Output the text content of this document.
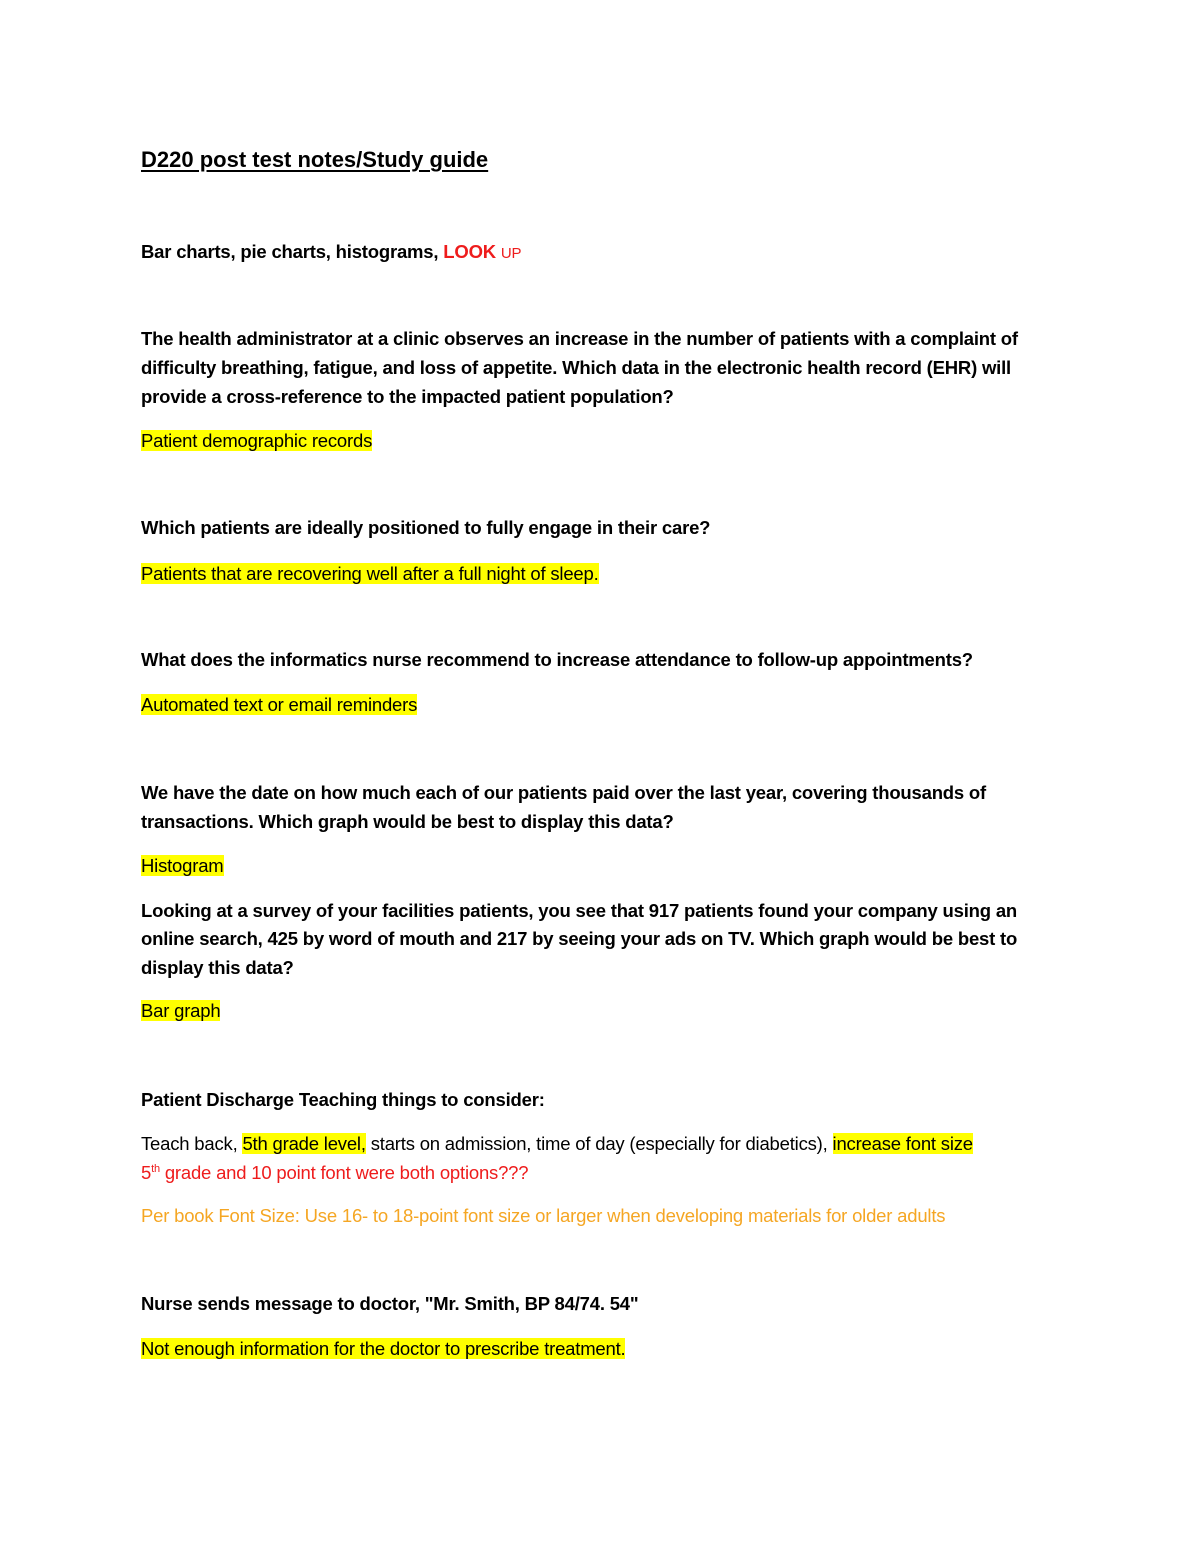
D220 post test notes/Study guide
Bar charts, pie charts, histograms, LOOK UP
The health administrator at a clinic observes an increase in the number of patients with a complaint of
difficulty breathing, fatigue, and loss of appetite. Which data in the electronic health record (EHR) will
provide a cross-reference to the impacted patient population?
Patient demographic records
Which patients are ideally positioned to fully engage in their care?
Patients that are recovering well after a full night of sleep.
What does the informatics nurse recommend to increase attendance to follow-up appointments?
Automated text or email reminders
We have the date on how much each of our patients paid over the last year, covering thousands of
transactions. Which graph would be best to display this data?
Histogram
Looking at a survey of your facilities patients, you see that 917 patients found your company using an
online search, 425 by word of mouth and 217 by seeing your ads on TV. Which graph would be best to
display this data?
Bar graph
Patient Discharge Teaching things to consider:
Teach back, 5th grade level, starts on admission, time of day (especially for diabetics), increase font size
5th grade and 10 point font were both options???
Per book Font Size: Use 16- to 18-point font size or larger when developing materials for older adults
Nurse sends message to doctor, "Mr. Smith, BP 84/74. 54"
Not enough information for the doctor to prescribe treatment.
